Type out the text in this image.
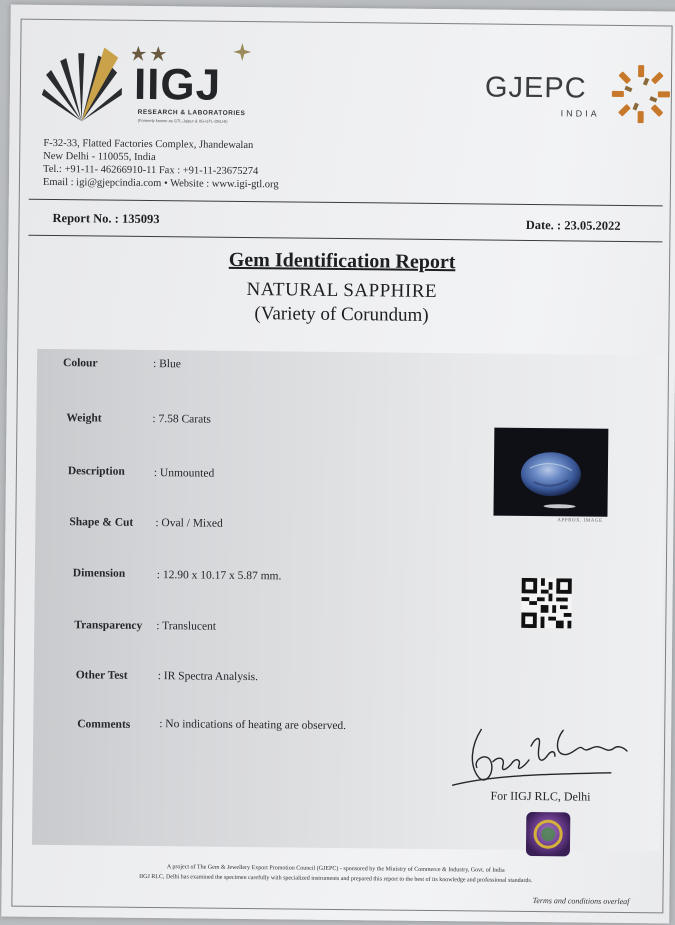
IIGJ
RESEARCH & LABORATORIES
(Formerly known as GTL-Jaipur & IIG-GTL-DELHI)
GJEPC
INDIA
F-32-33, Flatted Factories Complex, Jhandewalan
New Delhi - 110055, India
Tel.: +91-11- 46266910-11 Fax : +91-11-23675274
Email : igi@gjepcindia.com • Website : www.igi-gtl.org
Report No. : 135093	Date. : 23.05.2022
Gem Identification Report
NATURAL SAPPHIRE
(Variety of Corundum)
Colour	: Blue
Weight	: 7.58 Carats
Description	: Unmounted
Shape & Cut : Oval / Mixed
Dimension	: 12.90 x 10.17 x 5.87 mm.
Transparency : Translucent
Other Test	: IR Spectra Analysis.
Comments	: No indications of heating are observed.
APPROX. IMAGE
For IIGJ RLC, Delhi
A project of The Gem & Jewellery Export Promotion Council (GJEPC) - sponsored by the Ministry of Commerce & Industry, Govt. of India
IIGJ RLC, Delhi has examined the specimen carefully with specialized instruments and prepared this report to the best of its knowledge and professional standards.
Terms and conditions overleaf
